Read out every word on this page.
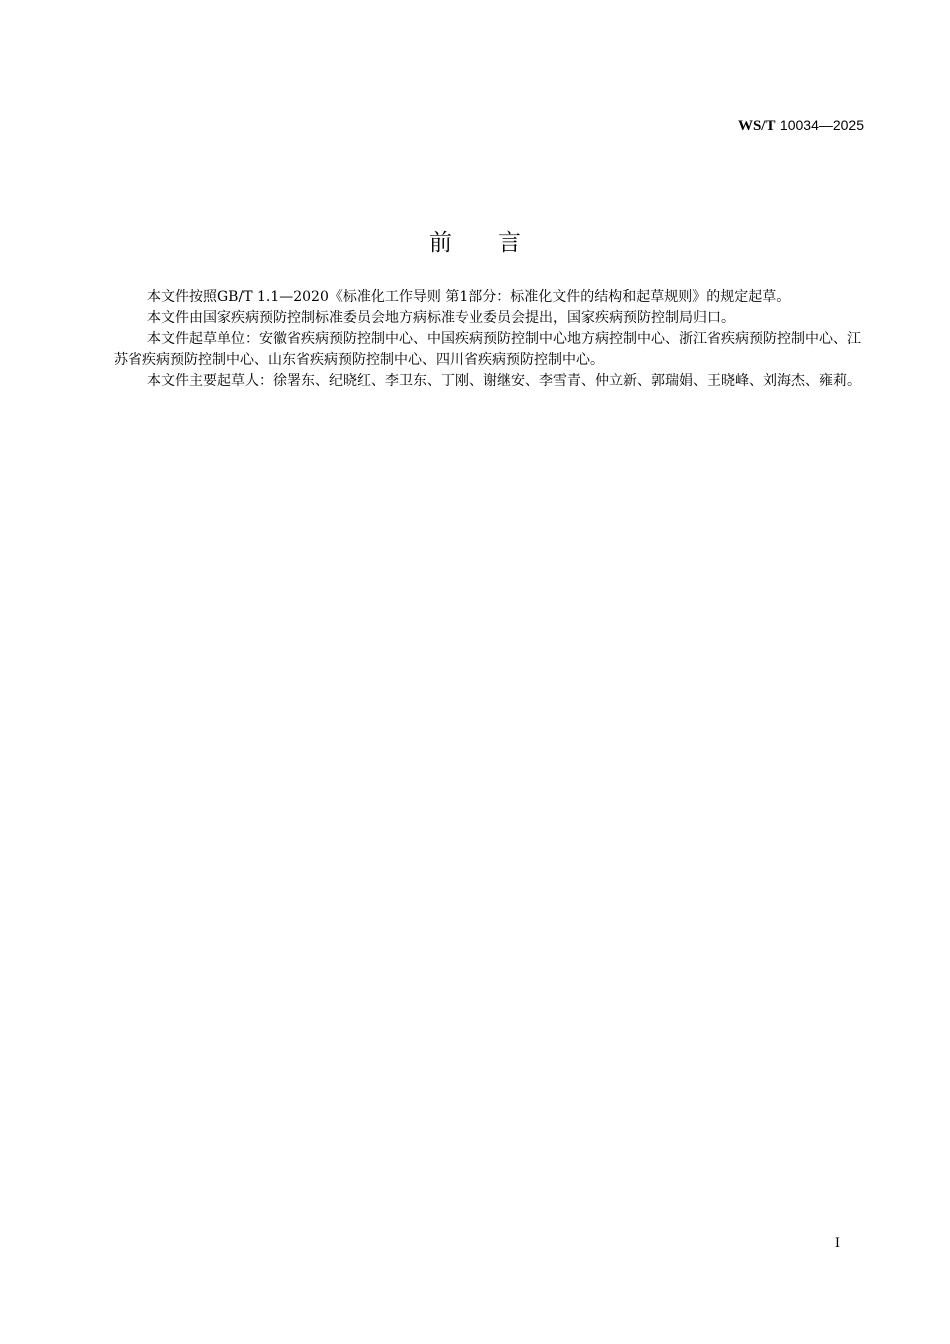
WS/T 10034—2025
前 言

本文件按照GB/T 1.1—2020《标准化工作导则 第1部分：标准化文件的结构和起草规则》的规定起草。

本文件由国家疾病预防控制标准委员会地方病标准专业委员会提出，国家疾病预防控制局归口。

本文件起草单位：安徽省疾病预防控制中心、中国疾病预防控制中心地方病控制中心、浙江省疾病预防控制中心、江苏省疾病预防控制中心、山东省疾病预防控制中心、四川省疾病预防控制中心。

本文件主要起草人：徐署东、纪晓红、李卫东、丁刚、谢继安、李雪青、仲立新、郭瑞娟、王晓峰、刘海杰、雍莉。

I
